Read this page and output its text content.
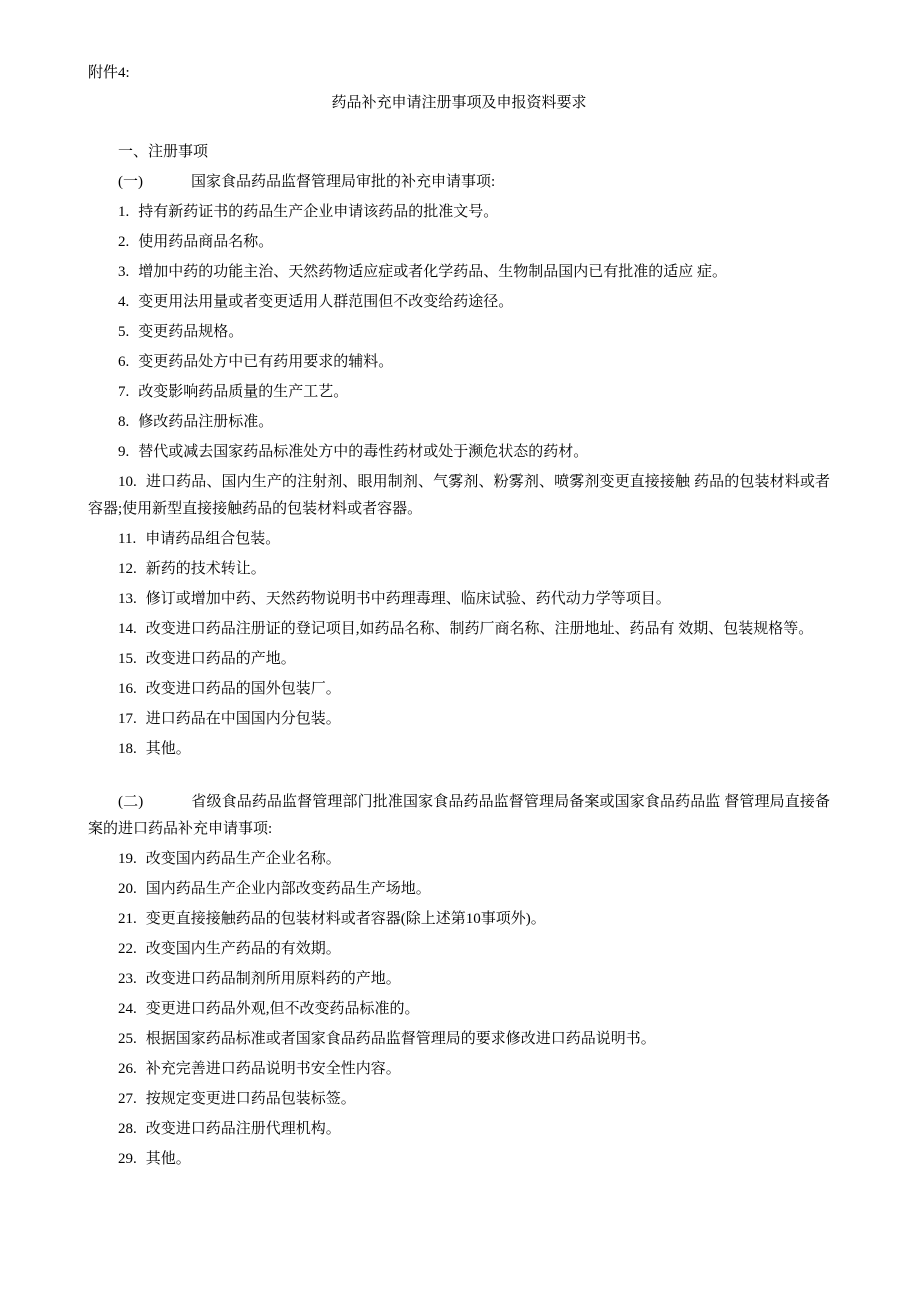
附件4:

药品补充申请注册事项及申报资料要求

一、注册事项

(一)	国家食品药品监督管理局审批的补充申请事项:

1. 持有新药证书的药品生产企业申请该药品的批准文号。

2. 使用药品商品名称。

3. 增加中药的功能主治、天然药物适应症或者化学药品、生物制品国内已有批准的适应 症。

4. 变更用法用量或者变更适用人群范围但不改变给药途径。

5. 变更药品规格。

6. 变更药品处方中已有药用要求的辅料。

7. 改变影响药品质量的生产工艺。

8. 修改药品注册标准。

9. 替代或减去国家药品标准处方中的毒性药材或处于濒危状态的药材。

10. 进口药品、国内生产的注射剂、眼用制剂、气雾剂、粉雾剂、喷雾剂变更直接接触 药品的包装材料或者容器;使用新型直接接触药品的包装材料或者容器。

11. 申请药品组合包装。

12. 新药的技术转让。

13. 修订或增加中药、天然药物说明书中药理毒理、临床试验、药代动力学等项目。

14. 改变进口药品注册证的登记项目,如药品名称、制药厂商名称、注册地址、药品有 效期、包装规格等。

15. 改变进口药品的产地。

16. 改变进口药品的国外包装厂。

17. 进口药品在中国国内分包装。

18. 其他。

(二)	省级食品药品监督管理部门批准国家食品药品监督管理局备案或国家食品药品监 督管理局直接备案的进口药品补充申请事项:

19. 改变国内药品生产企业名称。

20. 国内药品生产企业内部改变药品生产场地。

21. 变更直接接触药品的包装材料或者容器(除上述第10事项外)。

22. 改变国内生产药品的有效期。

23. 改变进口药品制剂所用原料药的产地。

24. 变更进口药品外观,但不改变药品标准的。

25. 根据国家药品标准或者国家食品药品监督管理局的要求修改进口药品说明书。

26. 补充完善进口药品说明书安全性内容。

27. 按规定变更进口药品包装标签。

28. 改变进口药品注册代理机构。

29. 其他。
